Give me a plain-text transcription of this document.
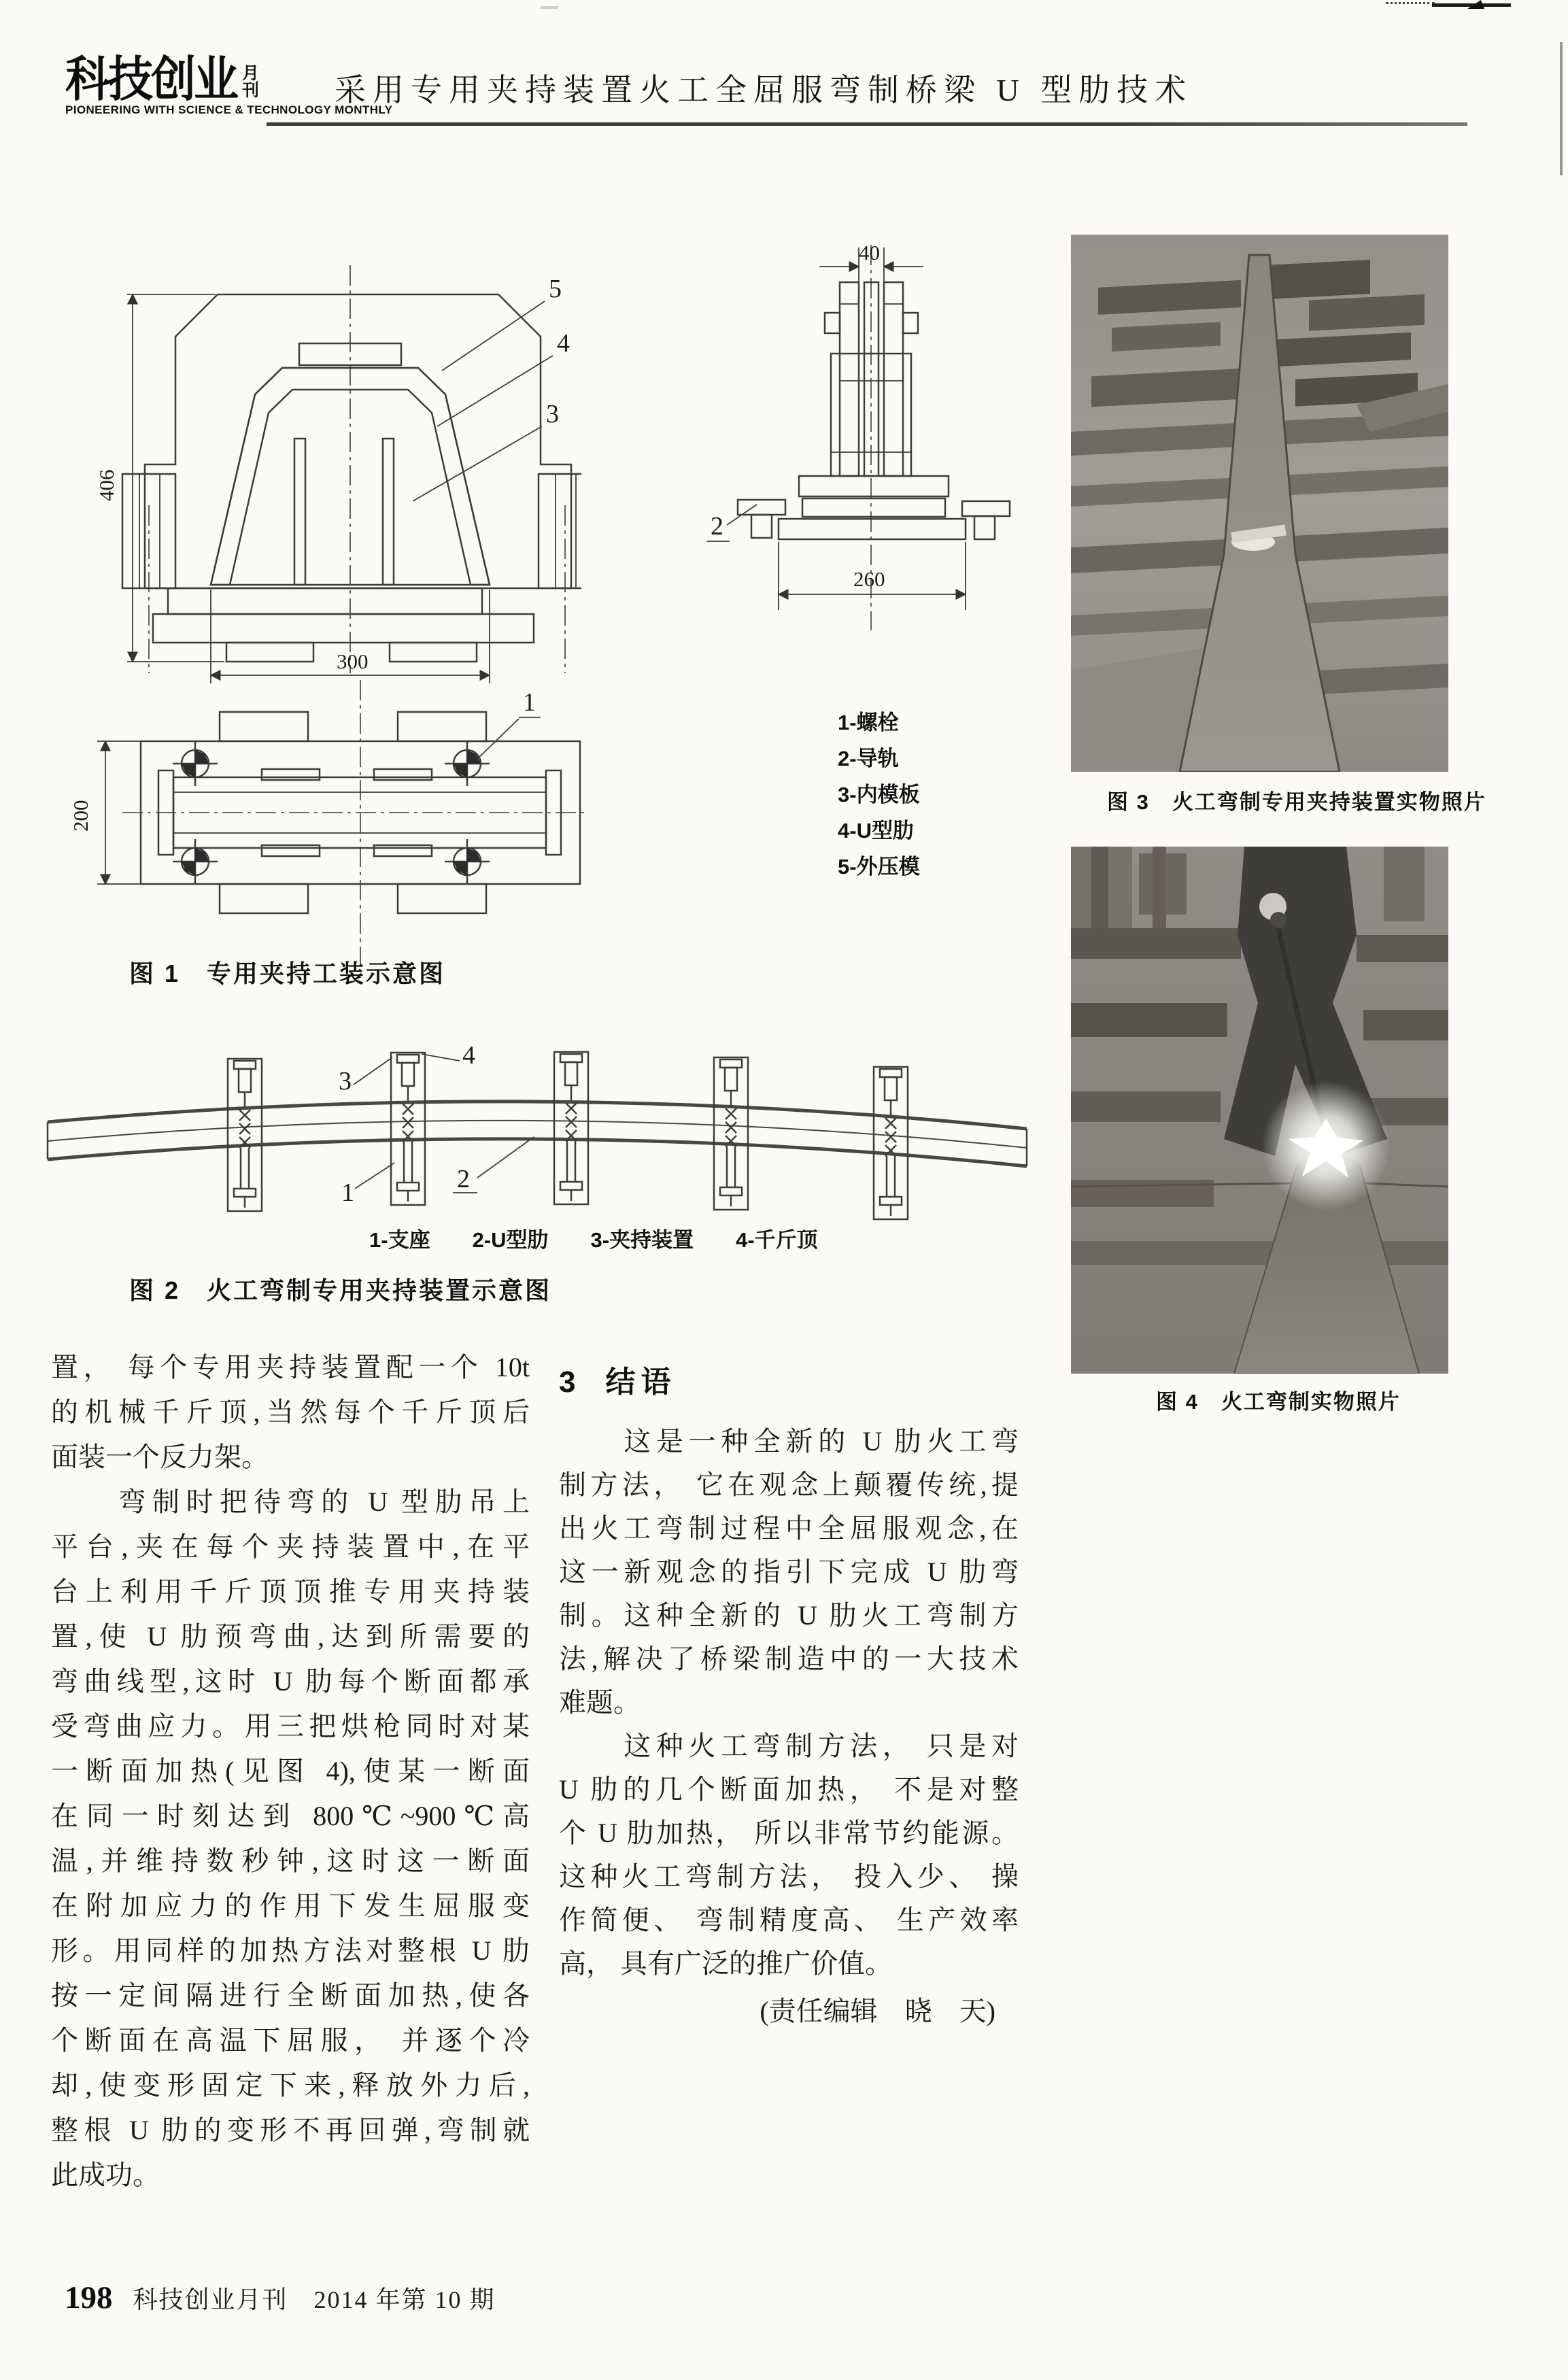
科技创业 月
刊
PIONEERING WITH SCIENCE & TECHNOLOGY MONTHLY
采用专用夹持装置火工全屈服弯制桥梁 U 型肋技术
406
300
5
4
3
40
260
2
200
1
图 1　专用夹持工装示意图
1-螺栓
2-导轨
3-内模板
4-U型肋
5-外压模
3
4
1	2
1-支座　　2-U型肋　　3-夹持装置　　4-千斤顶
图 2　火工弯制专用夹持装置示意图
图 3　火工弯制专用夹持装置实物照片
图 4　火工弯制实物照片
置， 每个专用夹持装置配一个 10t
的机械千斤顶,当然每个千斤顶后
面装一个反力架。
　　弯制时把待弯的 U 型肋吊上
平台,夹在每个夹持装置中,在平
台上利用千斤顶顶推专用夹持装
置,使 U 肋预弯曲,达到所需要的
弯曲线型,这时 U 肋每个断面都承
受弯曲应力。用三把烘枪同时对某
一断面加热(见图 4),使某一断面
在同一时刻达到 800℃~900℃高
温,并维持数秒钟,这时这一断面
在附加应力的作用下发生屈服变
形。用同样的加热方法对整根 U 肋
按一定间隔进行全断面加热,使各
个断面在高温下屈服， 并逐个冷
却,使变形固定下来,释放外力后,
整根 U 肋的变形不再回弹,弯制就
此成功。
3 结语
　　这是一种全新的 U 肋火工弯
制方法， 它在观念上颠覆传统,提
出火工弯制过程中全屈服观念,在
这一新观念的指引下完成 U 肋弯
制。这种全新的 U 肋火工弯制方
法,解决了桥梁制造中的一大技术
难题。
　　这种火工弯制方法， 只是对
U 肋的几个断面加热， 不是对整
个 U 肋加热， 所以非常节约能源。
这种火工弯制方法， 投入少、 操
作简便、 弯制精度高、 生产效率
高， 具有广泛的推广价值。
(责任编辑　晓　天)
198 科技创业月刊　2014 年第 10 期
